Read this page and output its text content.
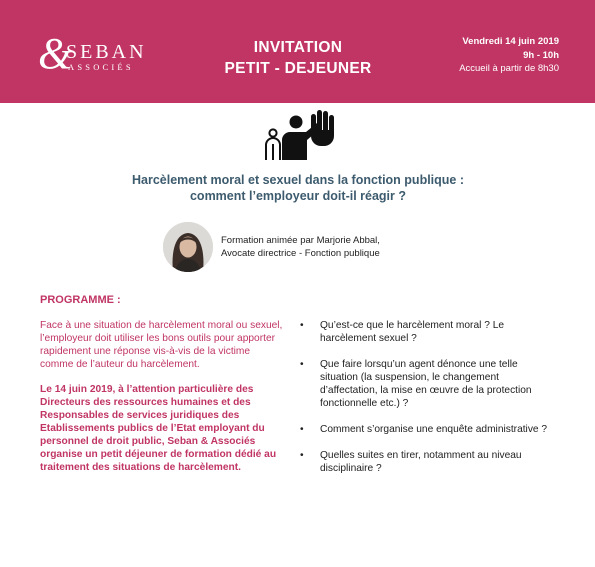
&
SEBAN
ASSOCIÉS
INVITATION
PETIT - DEJEUNER
Vendredi 14 juin 2019
9h - 10h
Accueil à partir de 8h30
Harcèlement moral et sexuel dans la fonction publique :
comment l’employeur doit-il réagir ?
Formation animée par Marjorie Abbal,
Avocate directrice - Fonction publique
PROGRAMME :

Face à une situation de harcèlement moral ou sexuel, l’employeur doit utiliser les bons outils pour apporter rapidement une réponse vis-à-vis de la victime comme de l’auteur du harcèlement.

Le 14 juin 2019, à l’attention particulière des Directeurs des ressources humaines et des Responsables de services juridiques des Etablissements publics de l’Etat employant du personnel de droit public, Seban & Associés organise un petit déjeuner de formation dédié au traitement des situations de harcèlement.

• Qu’est-ce que le harcèlement moral ? Le harcèlement sexuel ?
• Que faire lorsqu’un agent dénonce une telle situation (la suspension, le changement d’affectation, la mise en œuvre de la protection fonctionnelle etc.) ?
• Comment s’organise une enquête administrative ?
• Quelles suites en tirer, notamment au niveau disciplinaire ?
